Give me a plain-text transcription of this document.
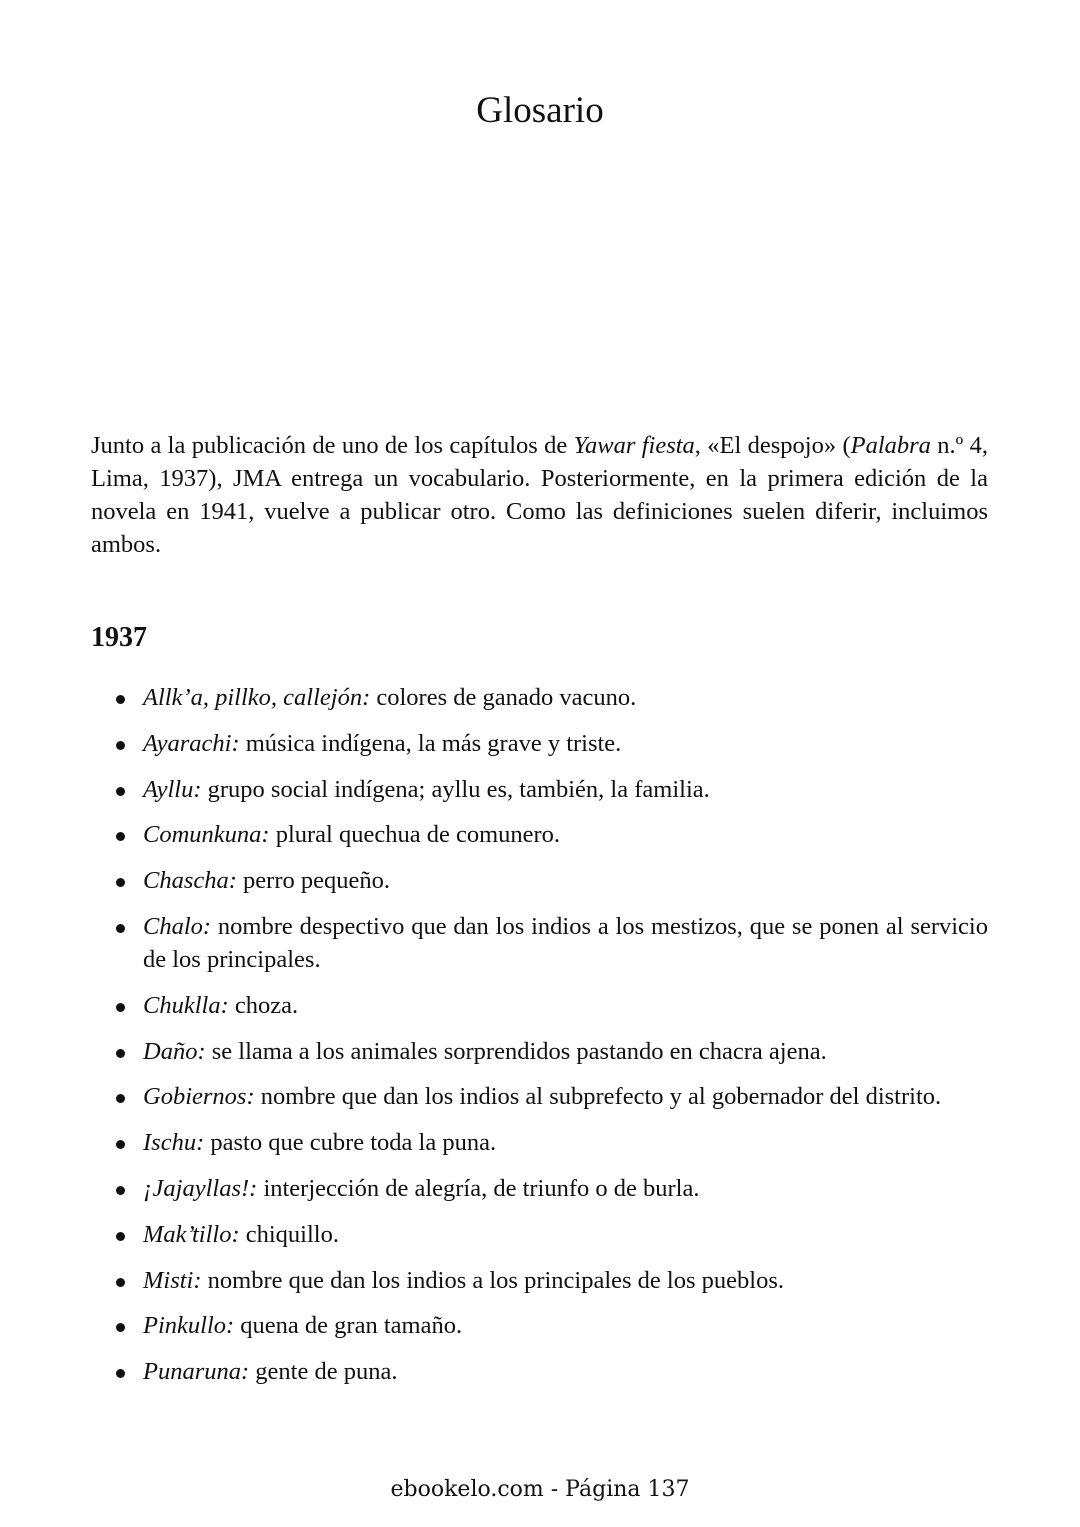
Glosario

Junto a la publicación de uno de los capítulos de Yawar fiesta, «El despojo» (Palabra n.º 4, Lima, 1937), JMA entrega un vocabulario. Posteriormente, en la primera edición de la novela en 1941, vuelve a publicar otro. Como las definiciones suelen diferir, incluimos ambos.

1937
Allk’a, pillko, callejón: colores de ganado vacuno.
Ayarachi: música indígena, la más grave y triste.
Ayllu: grupo social indígena; ayllu es, también, la familia.
Comunkuna: plural quechua de comunero.
Chascha: perro pequeño.
Chalo: nombre despectivo que dan los indios a los mestizos, que se ponen al servicio de los principales.
Chuklla: choza.
Daño: se llama a los animales sorprendidos pastando en chacra ajena.
Gobiernos: nombre que dan los indios al subprefecto y al gobernador del distrito.
Ischu: pasto que cubre toda la puna.
¡Jajayllas!: interjección de alegría, de triunfo o de burla.
Mak’tillo: chiquillo.
Misti: nombre que dan los indios a los principales de los pueblos.
Pinkullo: quena de gran tamaño.
Punaruna: gente de puna.

ebookelo.com - Página 137
